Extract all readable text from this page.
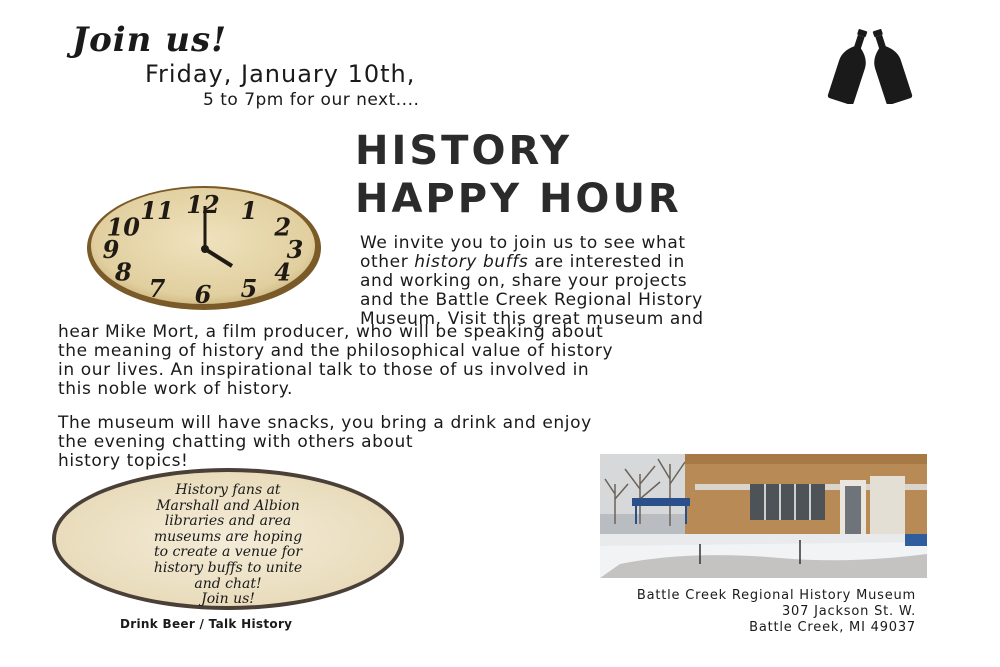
Join us!
Friday, January 10th,
5 to 7pm for our next....
HISTORY
HAPPY HOUR
12 1
2
3
4
5
6
7
8
9
10
11
We invite you to join us to see what
other history buffs are interested in
and working on, share your projects
and the Battle Creek Regional History
Museum. Visit this great museum and
hear Mike Mort, a film producer, who will be speaking about
the meaning of history and the philosophical value of history
in our lives. An inspirational talk to those of us involved in
this noble work of history.
The museum will have snacks, you bring a drink and enjoy
the evening chatting with others about
history topics!
History fans at
Marshall and Albion
libraries and area
museums are hoping
to create a venue for
history buffs to unite
and chat!
Join us!
Drink Beer / Talk History
Battle Creek Regional History Museum
307 Jackson St. W.
Battle Creek, MI 49037
